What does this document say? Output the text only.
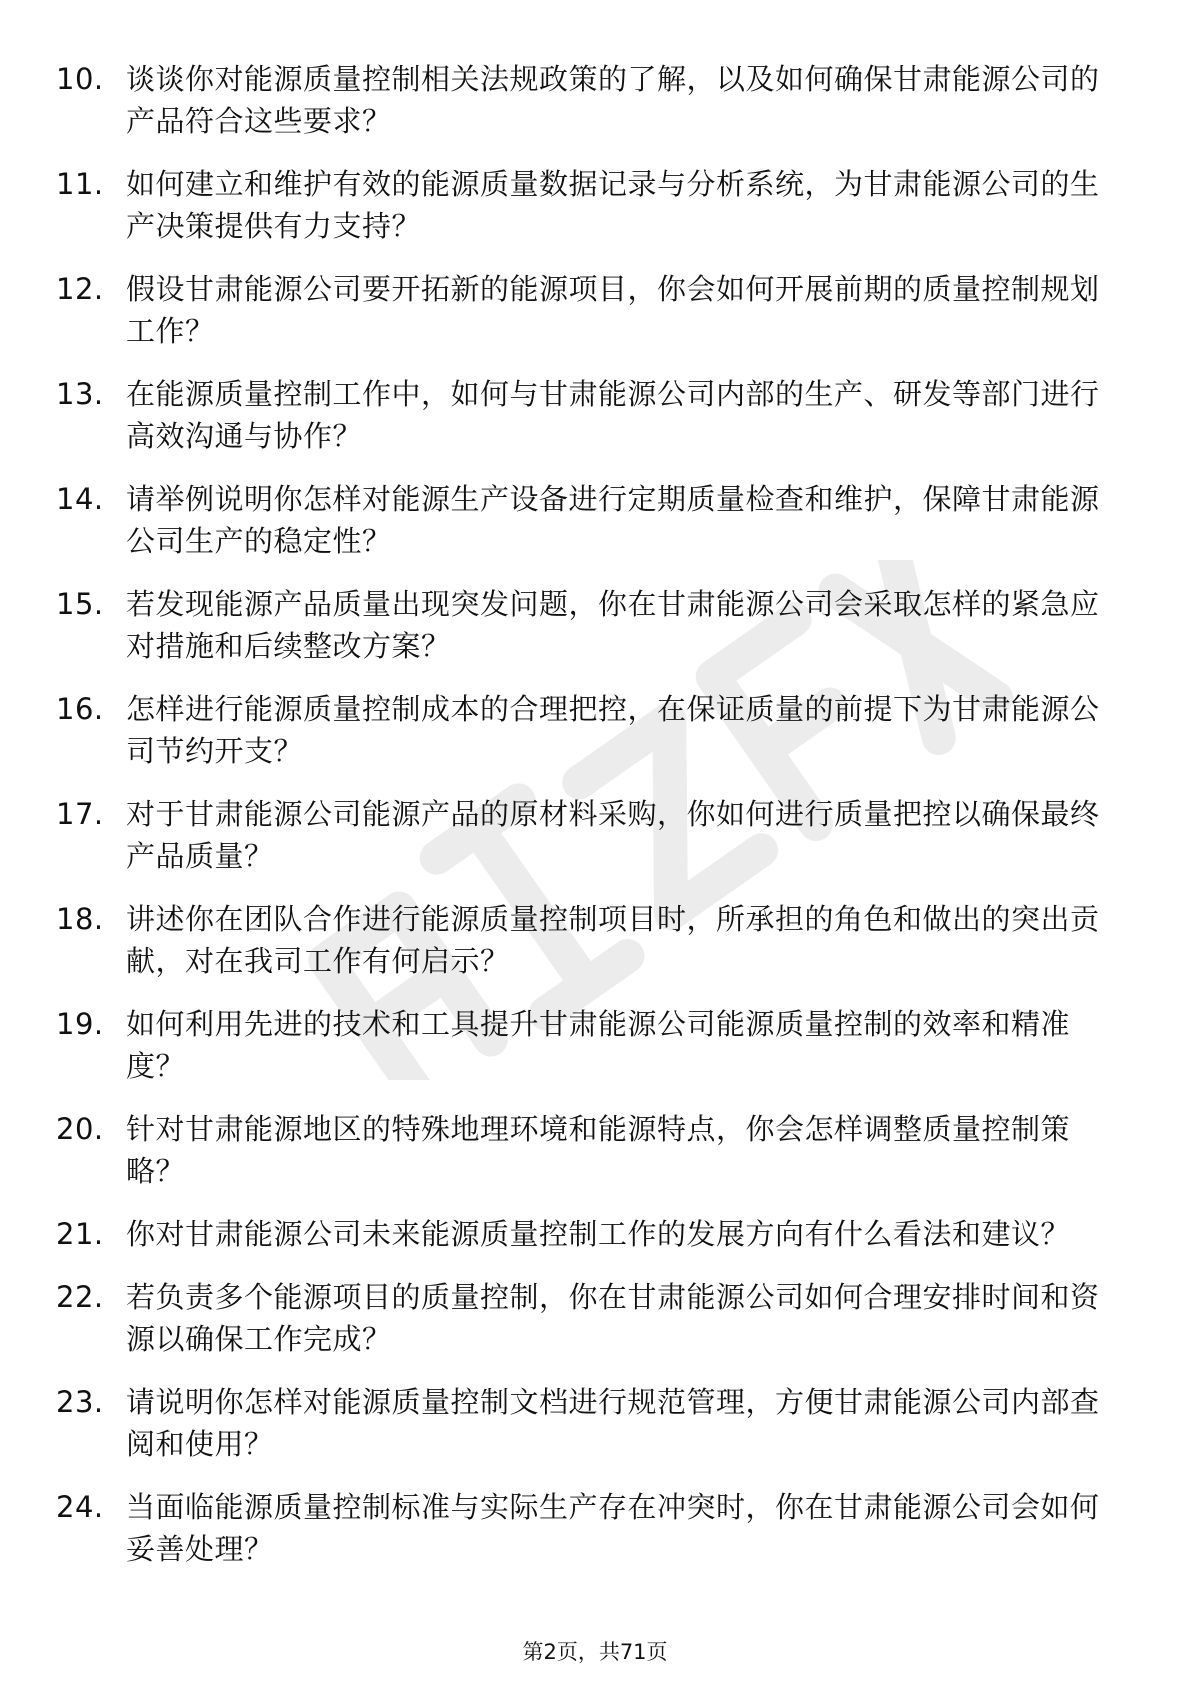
10. 谈谈你对能源质量控制相关法规政策的了解，以及如何确保甘肃能源公司的产品符合这些要求？
11. 如何建立和维护有效的能源质量数据记录与分析系统，为甘肃能源公司的生产决策提供有力支持？
12. 假设甘肃能源公司要开拓新的能源项目，你会如何开展前期的质量控制规划工作？
13. 在能源质量控制工作中，如何与甘肃能源公司内部的生产、研发等部门进行高效沟通与协作？
14. 请举例说明你怎样对能源生产设备进行定期质量检查和维护，保障甘肃能源公司生产的稳定性？
15. 若发现能源产品质量出现突发问题，你在甘肃能源公司会采取怎样的紧急应对措施和后续整改方案？
16. 怎样进行能源质量控制成本的合理把控，在保证质量的前提下为甘肃能源公司节约开支？
17. 对于甘肃能源公司能源产品的原材料采购，你如何进行质量把控以确保最终产品质量？
18. 讲述你在团队合作进行能源质量控制项目时，所承担的角色和做出的突出贡献，对在我司工作有何启示？
19. 如何利用先进的技术和工具提升甘肃能源公司能源质量控制的效率和精准度？
20. 针对甘肃能源地区的特殊地理环境和能源特点，你会怎样调整质量控制策略？
21. 你对甘肃能源公司未来能源质量控制工作的发展方向有什么看法和建议？
22. 若负责多个能源项目的质量控制，你在甘肃能源公司如何合理安排时间和资源以确保工作完成？
23. 请说明你怎样对能源质量控制文档进行规范管理，方便甘肃能源公司内部查阅和使用？
24. 当面临能源质量控制标准与实际生产存在冲突时，你在甘肃能源公司会如何妥善处理？
第2页，共71页
